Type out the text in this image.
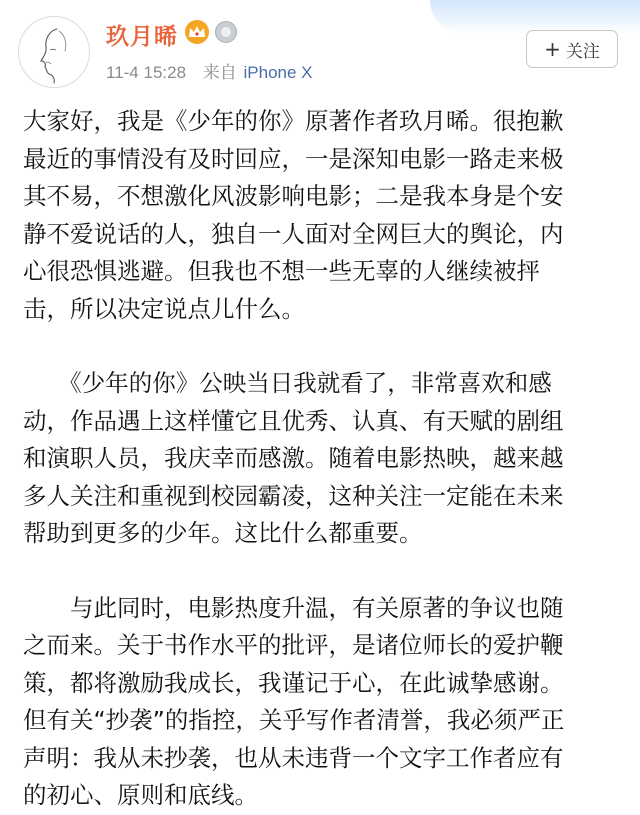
玖月晞
11-4 15:28 来自 iPhone X
+ 关注

大家好，我是《少年的你》原著作者玖月晞。很抱歉
最近的事情没有及时回应，一是深知电影一路走来极
其不易，不想激化风波影响电影；二是我本身是个安
静不爱说话的人，独自一人面对全网巨大的舆论，内
心很恐惧逃避。但我也不想一些无辜的人继续被抨
击，所以决定说点儿什么。

　　《少年的你》公映当日我就看了，非常喜欢和感
动，作品遇上这样懂它且优秀、认真、有天赋的剧组
和演职人员，我庆幸而感激。随着电影热映，越来越
多人关注和重视到校园霸凌，这种关注一定能在未来
帮助到更多的少年。这比什么都重要。

　　与此同时，电影热度升温，有关原著的争议也随
之而来。关于书作水平的批评，是诸位师长的爱护鞭
策，都将激励我成长，我谨记于心，在此诚挚感谢。
但有关“抄袭”的指控，关乎写作者清誉，我必须严正
声明：我从未抄袭，也从未违背一个文字工作者应有
的初心、原则和底线。
